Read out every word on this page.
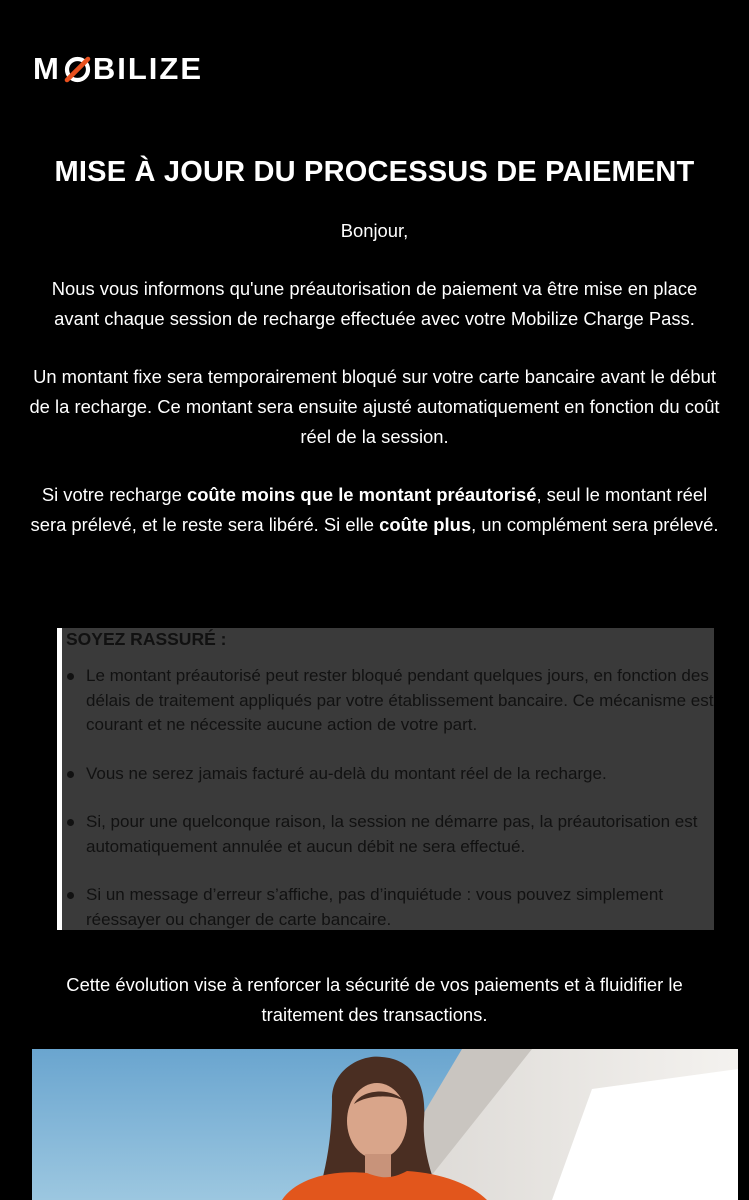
M BILIZE
MISE À JOUR DU PROCESSUS DE PAIEMENT

Bonjour,

Nous vous informons qu'une préautorisation de paiement va être mise en place avant chaque session de recharge effectuée avec votre Mobilize Charge Pass.

Un montant fixe sera temporairement bloqué sur votre carte bancaire avant le début de la recharge. Ce montant sera ensuite ajusté automatiquement en fonction du coût réel de la session.

Si votre recharge coûte moins que le montant préautorisé, seul le montant réel sera prélevé, et le reste sera libéré. Si elle coûte plus, un complément sera prélevé.

SOYEZ RASSURÉ :
Le montant préautorisé peut rester bloqué pendant quelques jours, en fonction des délais de traitement appliqués par votre établissement bancaire. Ce mécanisme est courant et ne nécessite aucune action de votre part.
Vous ne serez jamais facturé au-delà du montant réel de la recharge.
Si, pour une quelconque raison, la session ne démarre pas, la préautorisation est automatiquement annulée et aucun débit ne sera effectué.
Si un message d’erreur s’affiche, pas d’inquiétude : vous pouvez simplement réessayer ou changer de carte bancaire.

Cette évolution vise à renforcer la sécurité de vos paiements et à fluidifier le traitement des transactions.
